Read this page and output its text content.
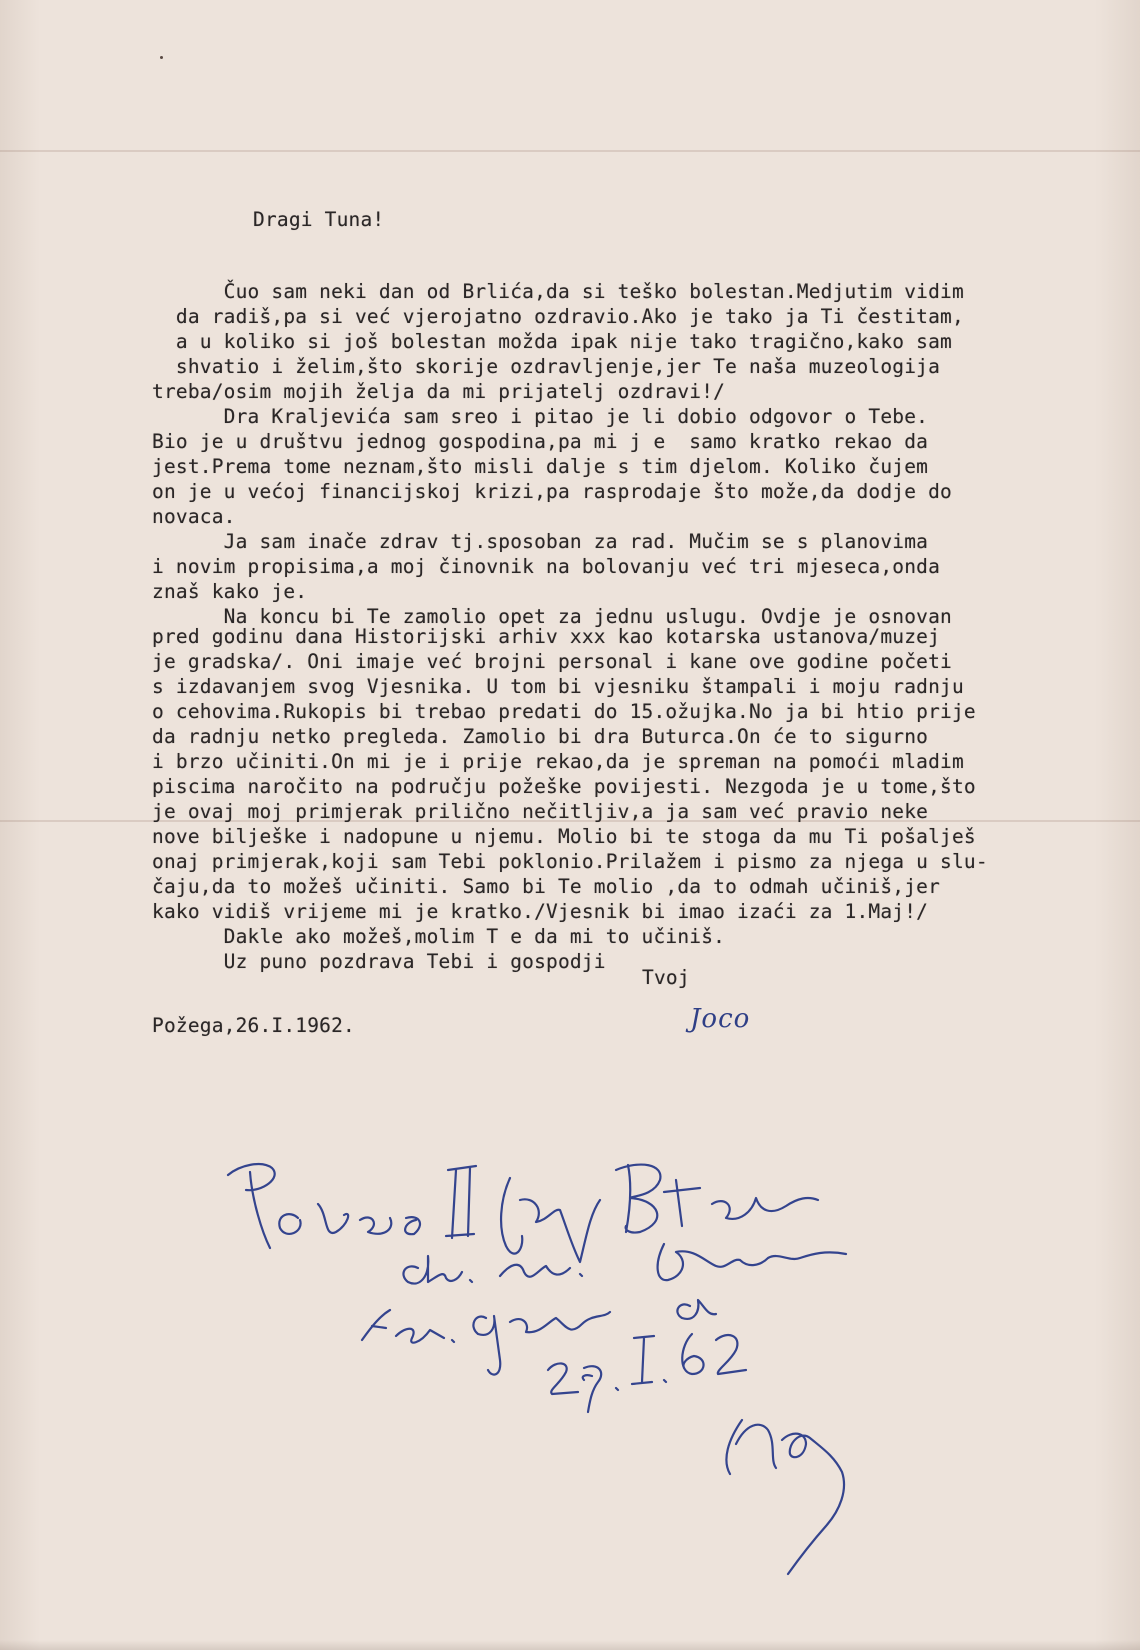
Dragi Tuna!
Čuo sam neki dan od Brlića,da si teško bolestan.Medjutim vidim
da radiš,pa si već vjerojatno ozdravio.Ako je tako ja Ti čestitam,
a u koliko si još bolestan možda ipak nije tako tragično,kako sam
shvatio i želim,što skorije ozdravljenje,jer Te naša muzeologija
treba/osim mojih želja da mi prijatelj ozdravi!/
Dra Kraljevića sam sreo i pitao je li dobio odgovor o Tebe.
Bio je u društvu jednog gospodina,pa mi j e  samo kratko rekao da
jest.Prema tome neznam,što misli dalje s tim djelom. Koliko čujem
on je u većoj financijskoj krizi,pa rasprodaje što može,da dodje do
novaca.
Ja sam inače zdrav tj.sposoban za rad. Mučim se s planovima
i novim propisima,a moj činovnik na bolovanju već tri mjeseca,onda
znaš kako je.
Na koncu bi Te zamolio opet za jednu uslugu. Ovdje je osnovan
pred godinu dana Historijski arhiv xxx kao kotarska ustanova/muzej
je gradska/. Oni imaje već brojni personal i kane ove godine početi
s izdavanjem svog Vjesnika. U tom bi vjesniku štampali i moju radnju
o cehovima.Rukopis bi trebao predati do 15.ožujka.No ja bi htio prije
da radnju netko pregleda. Zamolio bi dra Buturca.On će to sigurno
i brzo učiniti.On mi je i prije rekao,da je spreman na pomoći mladim
piscima naročito na području požeške povijesti. Nezgoda je u tome,što
je ovaj moj primjerak prilično nečitljiv,a ja sam već pravio neke
nove bilješke i nadopune u njemu. Molio bi te stoga da mu Ti pošalješ
onaj primjerak,koji sam Tebi poklonio.Prilažem i pismo za njega u slu-
čaju,da to možeš učiniti. Samo bi Te molio ,da to odmah učiniš,jer
kako vidiš vrijeme mi je kratko./Vjesnik bi imao izaći za 1.Maj!/
Dakle ako možeš,molim T e da mi to učiniš.
Uz puno pozdrava Tebi i gospodji
Tvoj
Požega,26.I.1962.	Joco
